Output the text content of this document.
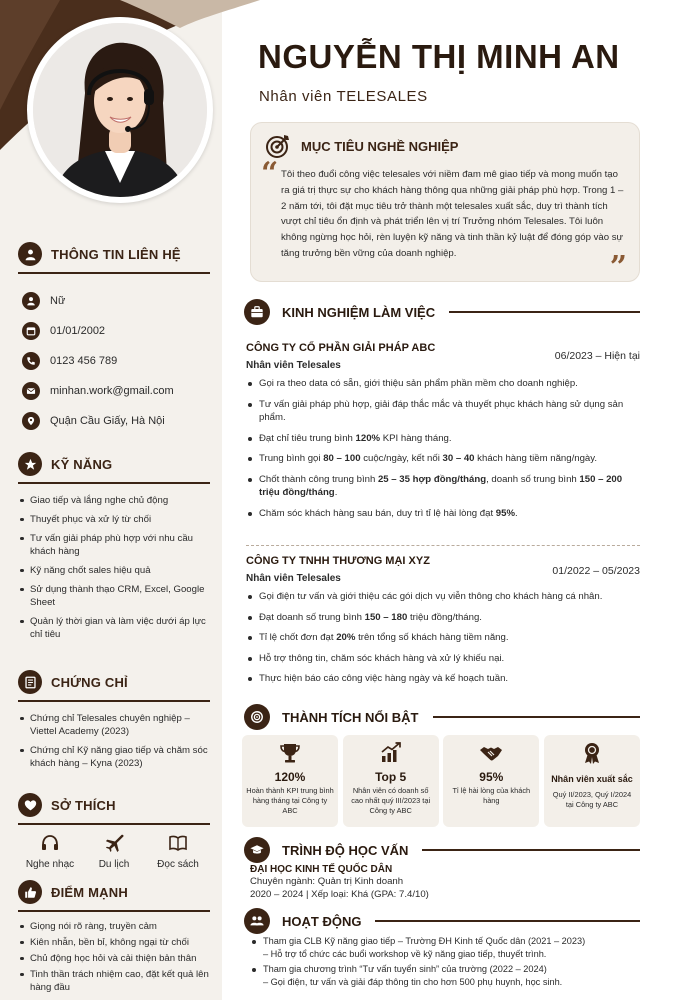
THÔNG TIN LIÊN HỆ
Nữ
01/01/2002
0123 456 789
minhan.work@gmail.com
Quận Cầu Giấy, Hà Nội
KỸ NĂNG
Giao tiếp và lắng nghe chủ động
Thuyết phục và xử lý từ chối
Tư vấn giải pháp phù hợp với nhu cầu khách hàng
Kỹ năng chốt sales hiệu quả
Sử dụng thành thạo CRM, Excel, Google Sheet
Quản lý thời gian và làm việc dưới áp lực chỉ tiêu
CHỨNG CHỈ
Chứng chỉ Telesales chuyên nghiệp – Viettel Academy (2023)
Chứng chỉ Kỹ năng giao tiếp và chăm sóc khách hàng – Kyna (2023)
SỞ THÍCH
Nghe nhạc Du lịch	Đọc sách
ĐIỂM MẠNH
Giọng nói rõ ràng, truyền cảm
Kiên nhẫn, bền bỉ, không ngại từ chối
Chủ động học hỏi và cải thiện bản thân
Tinh thần trách nhiệm cao, đặt kết quả lên hàng đầu
NGUYỄN THỊ MINH AN
Nhân viên TELESALES
MỤC TIÊU NGHỀ NGHIỆP
“ Tôi theo đuổi công việc telesales với niềm đam mê giao tiếp và mong muốn tạo ra giá trị thực sự cho khách hàng thông qua những giải pháp phù hợp. Trong 1 – 2 năm tới, tôi đặt mục tiêu trở thành một telesales xuất sắc, duy trì thành tích vượt chỉ tiêu ổn định và phát triển lên vị trí Trưởng nhóm Telesales. Tôi luôn không ngừng học hỏi, rèn luyện kỹ năng và tinh thần kỷ luật để đóng góp vào sự tăng trưởng bền vững của doanh nghiệp.	”
KINH NGHIỆM LÀM VIỆC
CÔNG TY CỔ PHẦN GIẢI PHÁP ABC
06/2023 – Hiện tại
Nhân viên Telesales
Gọi ra theo data có sẵn, giới thiệu sản phẩm phần mềm cho doanh nghiệp.
Tư vấn giải pháp phù hợp, giải đáp thắc mắc và thuyết phục khách hàng sử dụng sản phẩm.
Đạt chỉ tiêu trung bình 120% KPI hàng tháng.
Trung bình gọi 80 – 100 cuộc/ngày, kết nối 30 – 40 khách hàng tiềm năng/ngày.
Chốt thành công trung bình 25 – 35 hợp đồng/tháng, doanh số trung bình 150 – 200 triệu đồng/tháng.
Chăm sóc khách hàng sau bán, duy trì tỉ lệ hài lòng đạt 95%.
CÔNG TY TNHH THƯƠNG MẠI XYZ
01/2022 – 05/2023
Nhân viên Telesales
Gọi điện tư vấn và giới thiệu các gói dịch vụ viễn thông cho khách hàng cá nhân.
Đạt doanh số trung bình 150 – 180 triệu đồng/tháng.
Tỉ lệ chốt đơn đạt 20% trên tổng số khách hàng tiềm năng.
Hỗ trợ thông tin, chăm sóc khách hàng và xử lý khiếu nại.
Thực hiện báo cáo công việc hàng ngày và kế hoạch tuần.
THÀNH TÍCH NỔI BẬT
120%
Hoàn thành KPI trung bình hàng tháng tại Công ty ABC
Top 5
Nhân viên có doanh số cao nhất quý III/2023 tại Công ty ABC
95%
Tỉ lệ hài lòng của khách hàng
Nhân viên xuất sắc
Quý II/2023, Quý I/2024 tại Công ty ABC
TRÌNH ĐỘ HỌC VẤN
ĐẠI HỌC KINH TẾ QUỐC DÂN
Chuyên ngành: Quản trị Kinh doanh
2020 – 2024 | Xếp loại: Khá (GPA: 7.4/10)
HOẠT ĐỘNG
Tham gia CLB Kỹ năng giao tiếp – Trường ĐH Kinh tế Quốc dân (2021 – 2023)
– Hỗ trợ tổ chức các buổi workshop về kỹ năng giao tiếp, thuyết trình.
Tham gia chương trình “Tư vấn tuyển sinh” của trường (2022 – 2024)
– Gọi điện, tư vấn và giải đáp thông tin cho hơn 500 phụ huynh, học sinh.
